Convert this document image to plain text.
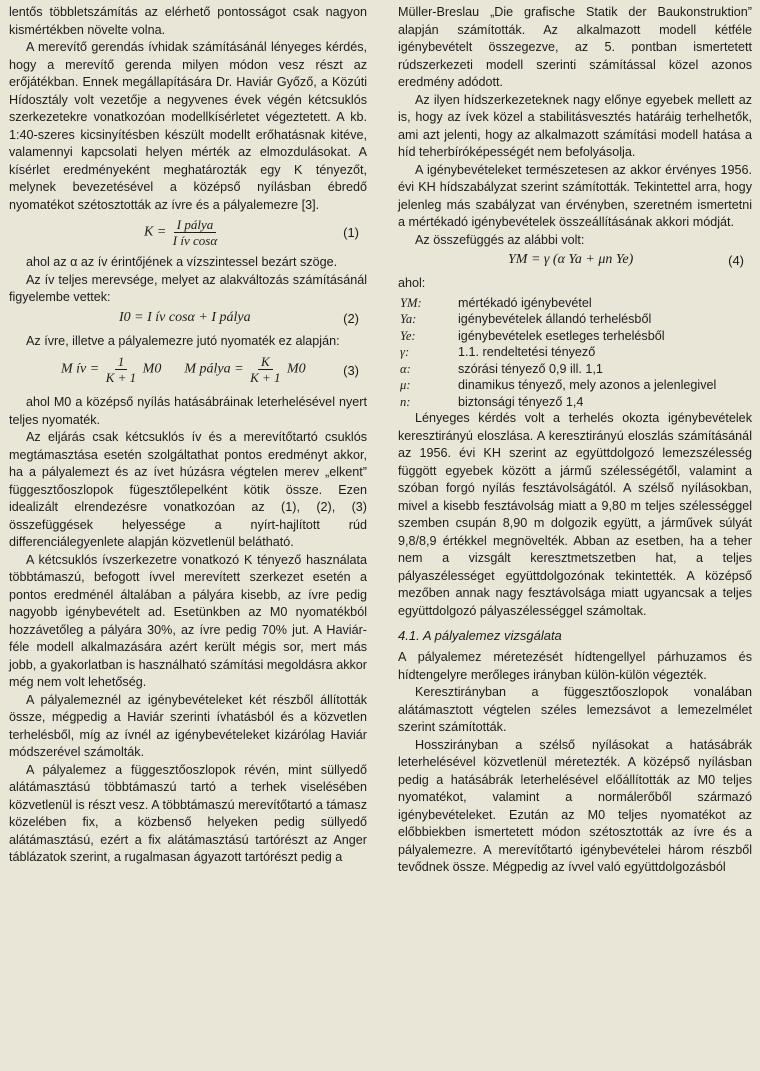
lentős többletszámítás az elérhető pontosságot csak nagyon kismértékben növelte volna.

A merevítő gerendás ívhidak számításánál lényeges kérdés, hogy a merevítő gerenda milyen módon vesz részt az erőjátékban. Ennek megállapítására Dr. Haviár Győző, a Közúti Hídosztály volt vezetője a negyvenes évek végén kétcsuklós szerkezetekre vonatkozóan modellkísérletet végeztetett. A kb. 1:40-szeres kicsinyítésben készült modellt erőhatásnak kitéve, valamennyi kapcsolati helyen mérték az elmozdulásokat. A kísérlet eredményeként meghatározták egy K tényezőt, melynek bevezetésével a középső nyílásban ébredő nyomatékot szétosztották az ívre és a pályalemezre [3].

$K = \frac{\text{I pálya}}{\text{I ív cosα}}$	(1)

ahol az α az ív érintőjének a vízszintessel bezárt szöge.

Az ív teljes merevsége, melyet az alakváltozás számításánál figyelembe vettek:

I0 = I ív cosα + I pálya	(2)

Az ívre, illetve a pályalemezre jutó nyomaték ez alapján:

M ív = $\frac{1}{K + 1} M0$ M pálya = $\frac{K}{K + 1} M0$	(3)

ahol M0 a középső nyílás hatásábráinak leterhelésével nyert teljes nyomaték.

Az eljárás csak kétcsuklós ív és a merevítőtartó csuklós megtámasztása esetén szolgáltathat pontos eredményt akkor, ha a pályalemezt és az ívet húzásra végtelen merev „elkent” függesztőoszlopok fügesztőlepelként kötik össze. Ezen idealizált elrendezésre vonatkozóan az (1), (2), (3) összefüggések helyessége a nyírt-hajlított rúd differenciálegyenlete alapján közvetlenül belátható.

A kétcsuklós ívszerkezetre vonatkozó K tényező használata többtámaszú, befogott ívvel merevített szerkezet esetén a pontos eredménél általában a pályára kisebb, az ívre pedig nagyobb igénybevételt ad. Esetünkben az M0 nyomatékból hozzávetőleg a pályára 30%, az ívre pedig 70% jut. A Haviár-féle modell alkalmazására azért került mégis sor, mert más jobb, a gyakorlatban is használható számítási megoldásra akkor még nem volt lehetőség.

A pályalemeznél az igénybevételeket két részből állították össze, mégpedig a Haviár szerinti ívhatásból és a közvetlen terhelésből, míg az ívnél az igénybevételeket kizárólag Haviár módszerével számolták.

A pályalemez a függesztőoszlopok révén, mint süllyedő alátámasztású többtámaszú tartó a terhek viselésében közvetlenül is részt vesz. A többtámaszú merevítőtartó a támasz közelében fix, a közbenső helyeken pedig süllyedő alátámasztású, ezért a fix alátámasztású tartórészt az Anger táblázatok szerint, a rugalmasan ágyazott tartórészt pedig a

Müller-Breslau „Die grafische Statik der Baukonstruktion” alapján számították. Az alkalmazott modell kétféle igénybevételt összegezve, az 5. pontban ismertetett rúdszerkezeti modell szerinti számítással közel azonos eredmény adódott.

Az ilyen hídszerkezeteknek nagy előnye egyebek mellett az is, hogy az ívek közel a stabilitásvesztés határáig terhelhetők, ami azt jelenti, hogy az alkalmazott számítási modell hatása a híd teherbíróképességét nem befolyásolja.

A igénybevételeket természetesen az akkor érvényes 1956. évi KH hídszabályzat szerint számították. Tekintettel arra, hogy jelenleg más szabályzat van érvényben, szeretném ismertetni a mértékadó igénybevételek összeállításának akkori módját.

Az összefüggés az alábbi volt:

YM = γ (α Ya + μn Ye)	(4)

ahol:

YM:	mértékadó igénybevétel
Ya:	igénybevételek állandó terhelésből
Ye:	igénybevételek esetleges terhelésből
γ:	1.1. rendeltetési tényező
α:	szórási tényező 0,9 ill. 1,1
μ:	dinamikus tényező, mely azonos a jelenlegivel
n:	biztonsági tényező 1,4

Lényeges kérdés volt a terhelés okozta igénybevételek keresztirányú eloszlása. A keresztirányú eloszlás számításánál az 1956. évi KH szerint az együttdolgozó lemezszélesség függött egyebek között a jármű szélességétől, valamint a szóban forgó nyílás fesztávolságától. A szélső nyílásokban, mivel a kisebb fesztávolság miatt a 9,80 m teljes szélességgel szemben csupán 8,90 m dolgozik együtt, a járművek súlyát 9,8/8,9 értékkel megnövelték. Abban az esetben, ha a teher nem a vizsgált keresztmetszetben hat, a teljes pályaszélességet együttdolgozónak tekintették. A középső mezőben annak nagy fesztávolsága miatt ugyancsak a teljes együttdolgozó pályaszélességgel számoltak.

4.1. A pályalemez vizsgálata

A pályalemez méretezését hídtengellyel párhuzamos és hídtengelyre merőleges irányban külön-külön végezték.

Keresztirányban a függesztőoszlopok vonalában alátámasztott végtelen széles lemezsávot a lemezelmélet szerint számították.

Hosszirányban a szélső nyílásokat a hatásábrák leterhelésével közvetlenül méretezték. A középső nyílásban pedig a hatásábrák leterhelésével előállították az M0 teljes nyomatékot, valamint a normálerőből származó igénybevételeket. Ezután az M0 teljes nyomatékot az előbbiekben ismertetett módon szétosztották az ívre és a pályalemezre. A merevítőtartó igénybevételei három részből tevődnek össze. Mégpedig az ívvel való együttdolgozásból
